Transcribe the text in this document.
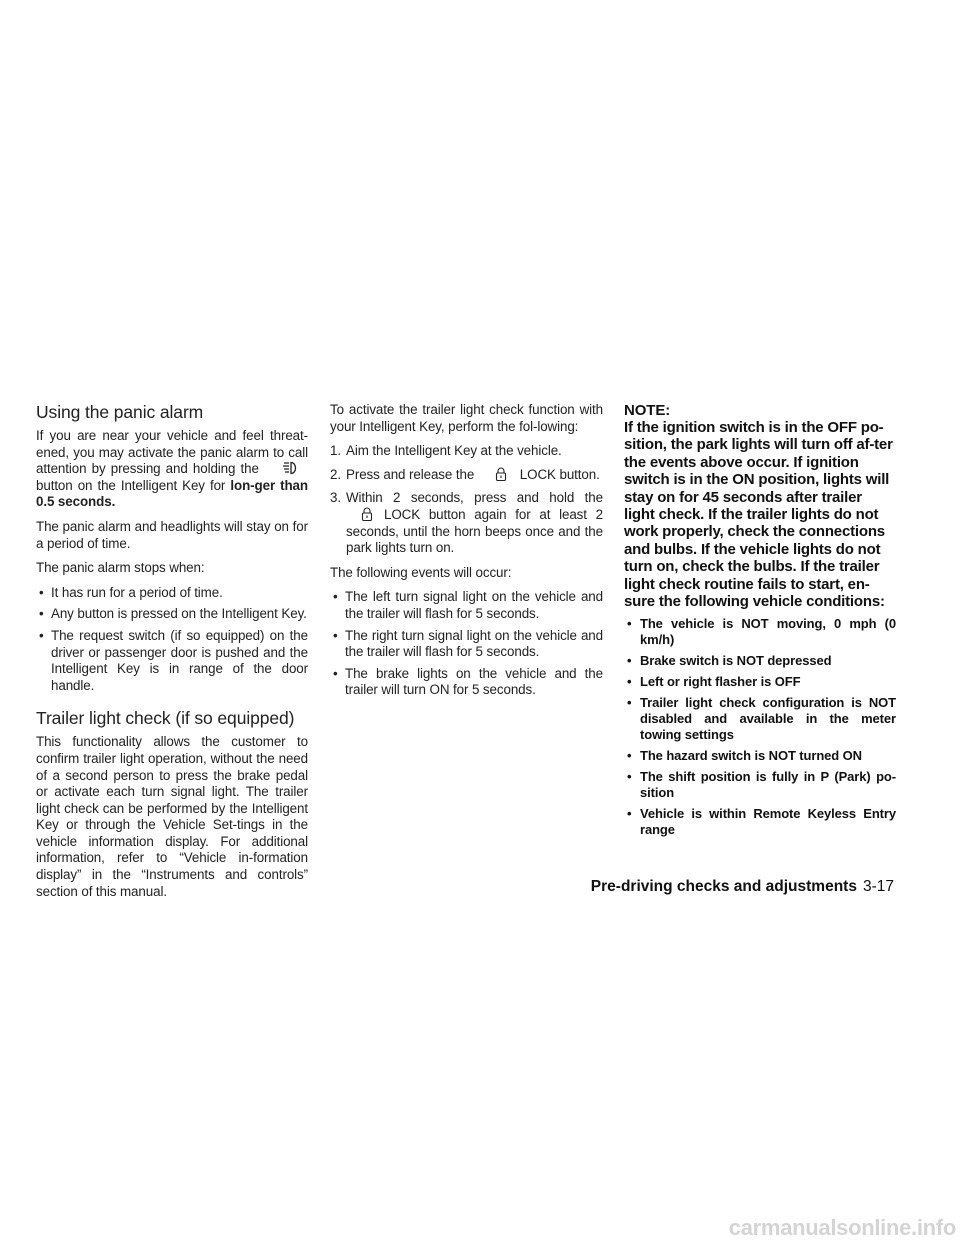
Using the panic alarm

If you are near your vehicle and feel threat-ened, you may activate the panic alarm to call attention by pressing and holding the
button on the Intelligent Key for lon-ger than 0.5 seconds.

The panic alarm and headlights will stay on for a period of time.

The panic alarm stops when:

• It has run for a period of time.
• Any button is pressed on the Intelligent Key.
• The request switch (if so equipped) on the driver or passenger door is pushed and the Intelligent Key is in range of the door handle.
Trailer light check (if so equipped)

This functionality allows the customer to confirm trailer light operation, without the need of a second person to press the brake pedal or activate each turn signal light. The trailer light check can be performed by the Intelligent Key or through the Vehicle Set-tings in the vehicle information display. For additional information, refer to “Vehicle in-formation display” in the “Instruments and controls” section of this manual.

To activate the trailer light check function with your Intelligent Key, perform the fol-lowing:

1. Aim the Intelligent Key at the vehicle.
2. Press and release the	LOCK button.
3. Within 2 seconds, press and hold the
LOCK button again for at least 2 seconds, until the horn beeps once and the park lights turn on.

The following events will occur:

• The left turn signal light on the vehicle and the trailer will flash for 5 seconds.
• The right turn signal light on the vehicle and the trailer will flash for 5 seconds.
• The brake lights on the vehicle and the trailer will turn ON for 5 seconds.

NOTE:

If the ignition switch is in the OFF po-sition, the park lights will turn off af-ter the events above occur. If ignition switch is in the ON position, lights will stay on for 45 seconds after trailer light check. If the trailer lights do not work properly, check the connections and bulbs. If the vehicle lights do not turn on, check the bulbs. If the trailer light check routine fails to start, en-sure the following vehicle conditions:

• The vehicle is NOT moving, 0 mph (0 km/h)
• Brake switch is NOT depressed
• Left or right flasher is OFF
• Trailer light check configuration is NOT disabled and available in the meter towing settings
• The hazard switch is NOT turned ON
• The shift position is fully in P (Park) po-sition
• Vehicle is within Remote Keyless Entry range
Pre-driving checks and adjustments 3-17
carmanualsonline.info
